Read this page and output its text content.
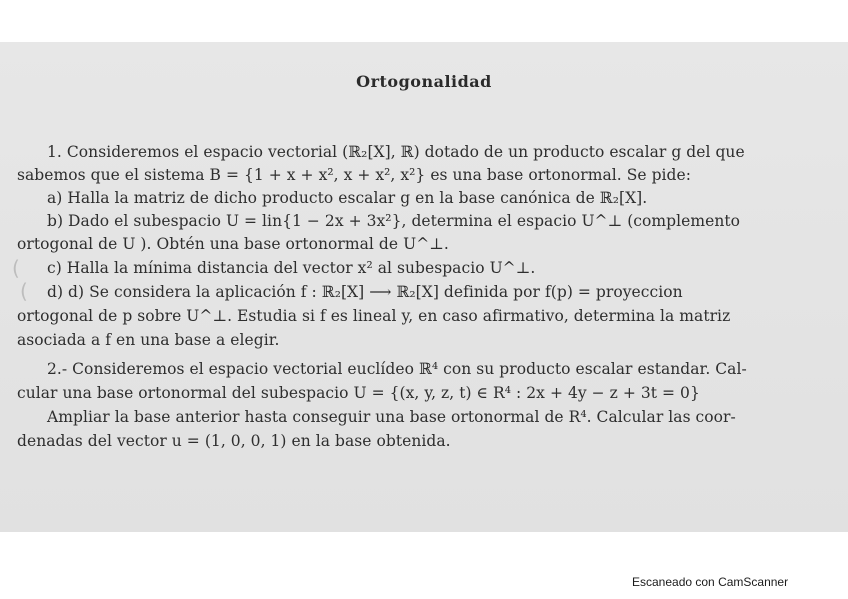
Ortogonalidad
1. Consideremos el espacio vectorial (ℝ₂[X], ℝ) dotado de un producto escalar g del que
sabemos que el sistema B = {1 + x + x², x + x², x²} es una base ortonormal. Se pide:
a) Halla la matriz de dicho producto escalar g en la base canónica de ℝ₂[X].
b) Dado el subespacio U = lin{1 − 2x + 3x²}, determina el espacio U^⊥ (complemento
ortogonal de U ). Obtén una base ortonormal de U^⊥.
c) Halla la mínima distancia del vector x² al subespacio U^⊥.
d) d) Se considera la aplicación f : ℝ₂[X] ⟶ ℝ₂[X] definida por f(p) = proyeccion
ortogonal de p sobre U^⊥. Estudia si f es lineal y, en caso afirmativo, determina la matriz
asociada a f en una base a elegir.
2.- Consideremos el espacio vectorial euclídeo ℝ⁴ con su producto escalar estandar. Cal-
cular una base ortonormal del subespacio U = {(x, y, z, t) ∈ R⁴ : 2x + 4y − z + 3t = 0}
Ampliar la base anterior hasta conseguir una base ortonormal de R⁴. Calcular las coor-
denadas del vector u = (1, 0, 0, 1) en la base obtenida.
(
(
Escaneado con CamScanner
